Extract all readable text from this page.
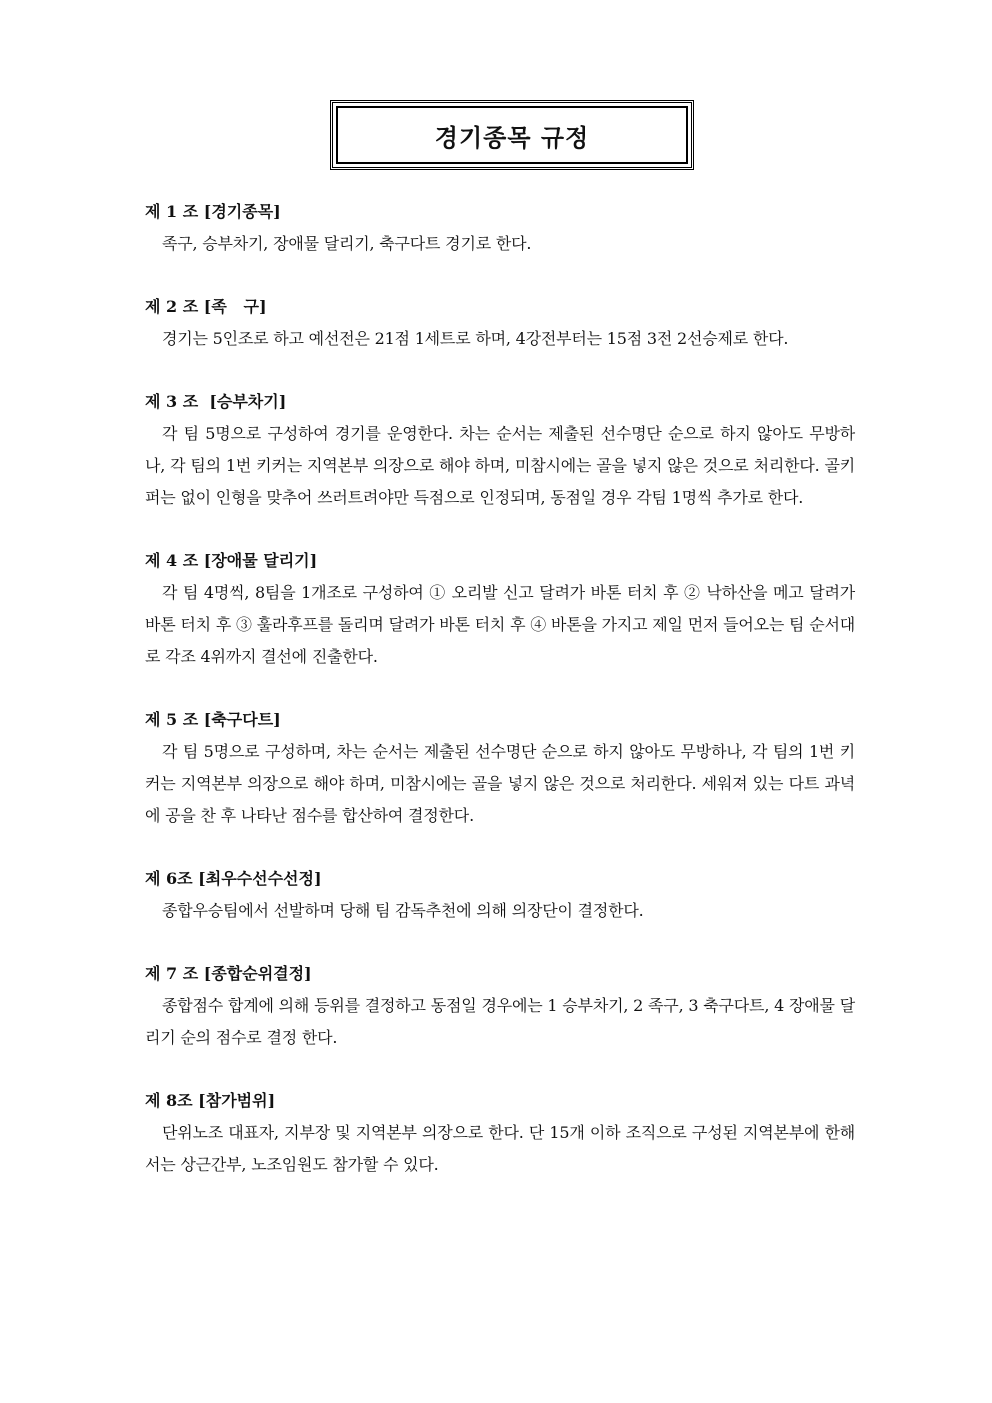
경기종목 규정
제 1 조 [경기종목]
족구, 승부차기, 장애물 달리기, 축구다트 경기로 한다.
제 2 조 [족   구]
경기는 5인조로 하고 예선전은 21점 1세트로 하며, 4강전부터는 15점 3전 2선승제로 한다.
제 3 조  [승부차기]
각 팀 5명으로 구성하여 경기를 운영한다. 차는 순서는 제출된 선수명단 순으로 하지 않아도 무방하나, 각 팀의 1번 키커는 지역본부 의장으로 해야 하며, 미참시에는 골을 넣지 않은 것으로 처리한다. 골키퍼는 없이 인형을 맞추어 쓰러트려야만 득점으로 인정되며, 동점일 경우 각팀 1명씩 추가로 한다.
제 4 조 [장애물 달리기]
각 팀 4명씩, 8팀을 1개조로 구성하여 ① 오리발 신고 달려가 바톤 터치 후 ② 낙하산을 메고 달려가 바톤 터치 후 ③ 훌라후프를 돌리며 달려가 바톤 터치 후 ④ 바톤을 가지고 제일 먼저 들어오는 팀 순서대로 각조 4위까지 결선에 진출한다.
제 5 조 [축구다트]
각 팀 5명으로 구성하며, 차는 순서는 제출된 선수명단 순으로 하지 않아도 무방하나, 각 팀의 1번 키커는 지역본부 의장으로 해야 하며, 미참시에는 골을 넣지 않은 것으로 처리한다. 세워져 있는 다트 과녁에 공을 찬 후 나타난 점수를 합산하여 결정한다.
제 6조 [최우수선수선정]
종합우승팀에서 선발하며 당해 팀 감독추천에 의해 의장단이 결정한다.
제 7 조 [종합순위결정]
종합점수 합계에 의해 등위를 결정하고 동점일 경우에는 1 승부차기, 2 족구, 3 축구다트, 4 장애물 달리기 순의 점수로 결정 한다.
제 8조 [참가범위]
단위노조 대표자, 지부장 및 지역본부 의장으로 한다. 단 15개 이하 조직으로 구성된 지역본부에 한해서는 상근간부, 노조임원도 참가할 수 있다.
